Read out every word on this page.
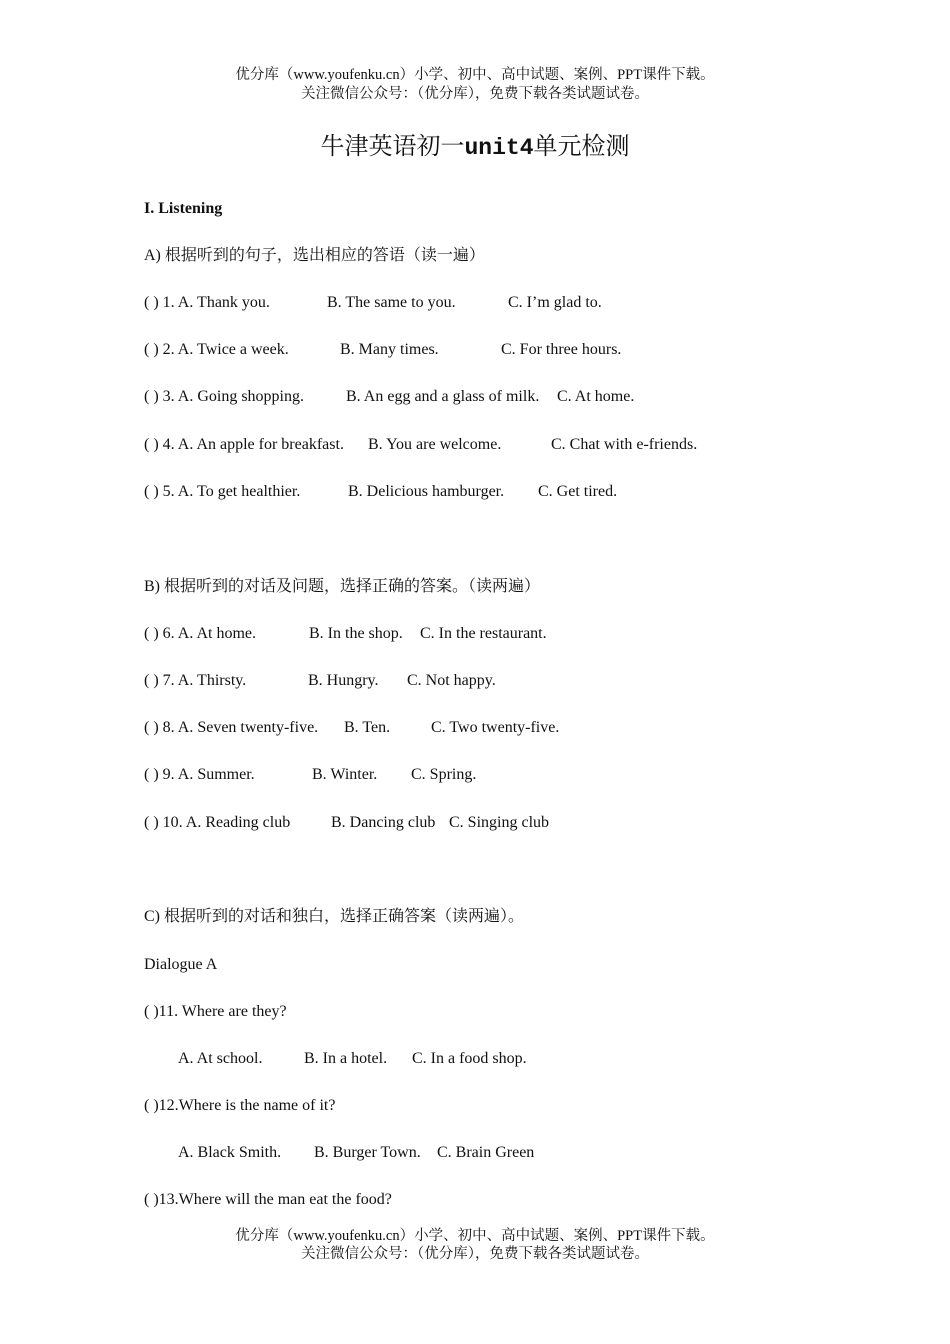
优分库（www.youfenku.cn）小学、初中、高中试题、案例、PPT课件下载。
关注微信公众号：（优分库），免费下载各类试题试卷。
牛津英语初一unit4单元检测
I. Listening
A) 根据听到的句子，选出相应的答语（读一遍）
( ) 1. A. Thank you.	B. The same to you.	C. I’m glad to.
( ) 2. A. Twice a week.	B. Many times.	C. For three hours.
( ) 3. A. Going shopping.	B. An egg and a glass of milk. C. At home.
( ) 4. A. An apple for breakfast. B. You are welcome.	C. Chat with e-friends.
( ) 5. A. To get healthier.	B. Delicious hamburger. C. Get tired.
B) 根据听到的对话及问题，选择正确的答案。（读两遍）
( ) 6. A. At home.	B. In the shop. C. In the restaurant.
( ) 7. A. Thirsty.	B. Hungry. C. Not happy.
( ) 8. A. Seven twenty-five. B. Ten.	C. Two twenty-five.
( ) 9. A. Summer.	B. Winter. C. Spring.
( ) 10. A. Reading club	B. Dancing club C. Singing club
C) 根据听到的对话和独白，选择正确答案（读两遍）。
Dialogue A
( )11. Where are they?
A. At school.	B. In a hotel. C. In a food shop.
( )12.Where is the name of it?
A. Black Smith. B. Burger Town. C. Brain Green
( )13.Where will the man eat the food?
优分库（www.youfenku.cn）小学、初中、高中试题、案例、PPT课件下载。
关注微信公众号：（优分库），免费下载各类试题试卷。
